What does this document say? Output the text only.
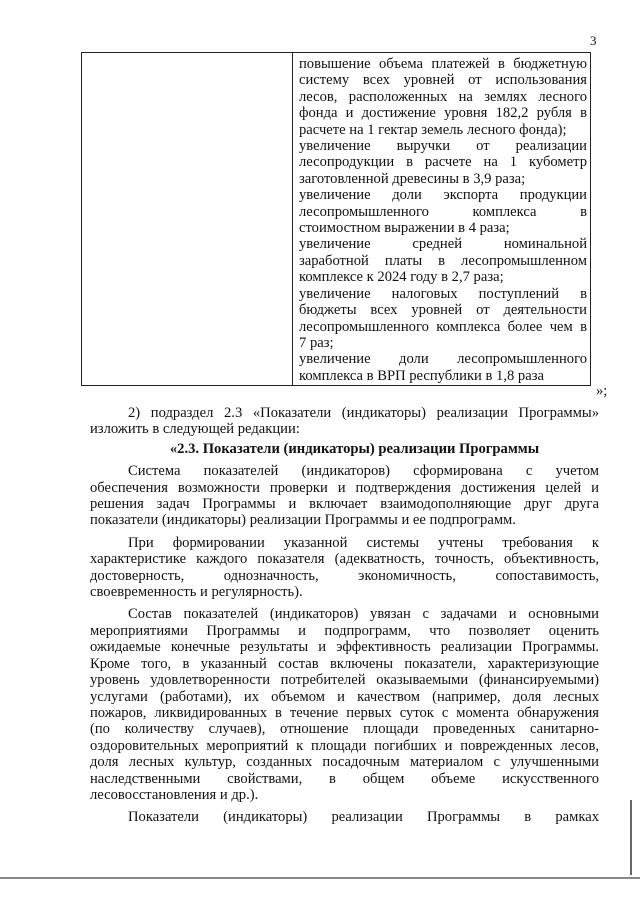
3

повышение объема платежей в бюджетную
систему всех уровней от использования
лесов, расположенных на землях лесного
фонда и достижение уровня 182,2 рубля в
расчете на 1 гектар земель лесного фонда);
увеличение выручки от реализации
лесопродукции в расчете на 1 кубометр
заготовленной древесины в 3,9 раза;
увеличение доли экспорта продукции
лесопромышленного комплекса в
стоимостном выражении в 4 раза;
увеличение средней номинальной
заработной платы в лесопромышленном
комплексе к 2024 году в 2,7 раза;
увеличение налоговых поступлений в
бюджеты всех уровней от деятельности
лесопромышленного комплекса более чем в
7 раз;
увеличение доли лесопромышленного
комплекса в ВРП республики в 1,8 раза
»;
2) подраздел 2.3 «Показатели (индикаторы) реализации Программы»
изложить в следующей редакции:
«2.3. Показатели (индикаторы) реализации Программы
Система показателей (индикаторов) сформирована с учетом
обеспечения возможности проверки и подтверждения достижения целей и
решения задач Программы и включает взаимодополняющие друг друга
показатели (индикаторы) реализации Программы и ее подпрограмм.
При формировании указанной системы учтены требования к
характеристике каждого показателя (адекватность, точность, объективность,
достоверность, однозначность, экономичность, сопоставимость,
своевременность и регулярность).
Состав показателей (индикаторов) увязан с задачами и основными
мероприятиями Программы и подпрограмм, что позволяет оценить
ожидаемые конечные результаты и эффективность реализации Программы.
Кроме того, в указанный состав включены показатели, характеризующие
уровень удовлетворенности потребителей оказываемыми (финансируемыми)
услугами (работами), их объемом и качеством (например, доля лесных
пожаров, ликвидированных в течение первых суток с момента обнаружения
(по количеству случаев), отношение площади проведенных санитарно-
оздоровительных мероприятий к площади погибших и поврежденных лесов,
доля лесных культур, созданных посадочным материалом с улучшенными
наследственными свойствами, в общем объеме искусственного
лесовосстановления и др.).
Показатели (индикаторы) реализации Программы в рамках
